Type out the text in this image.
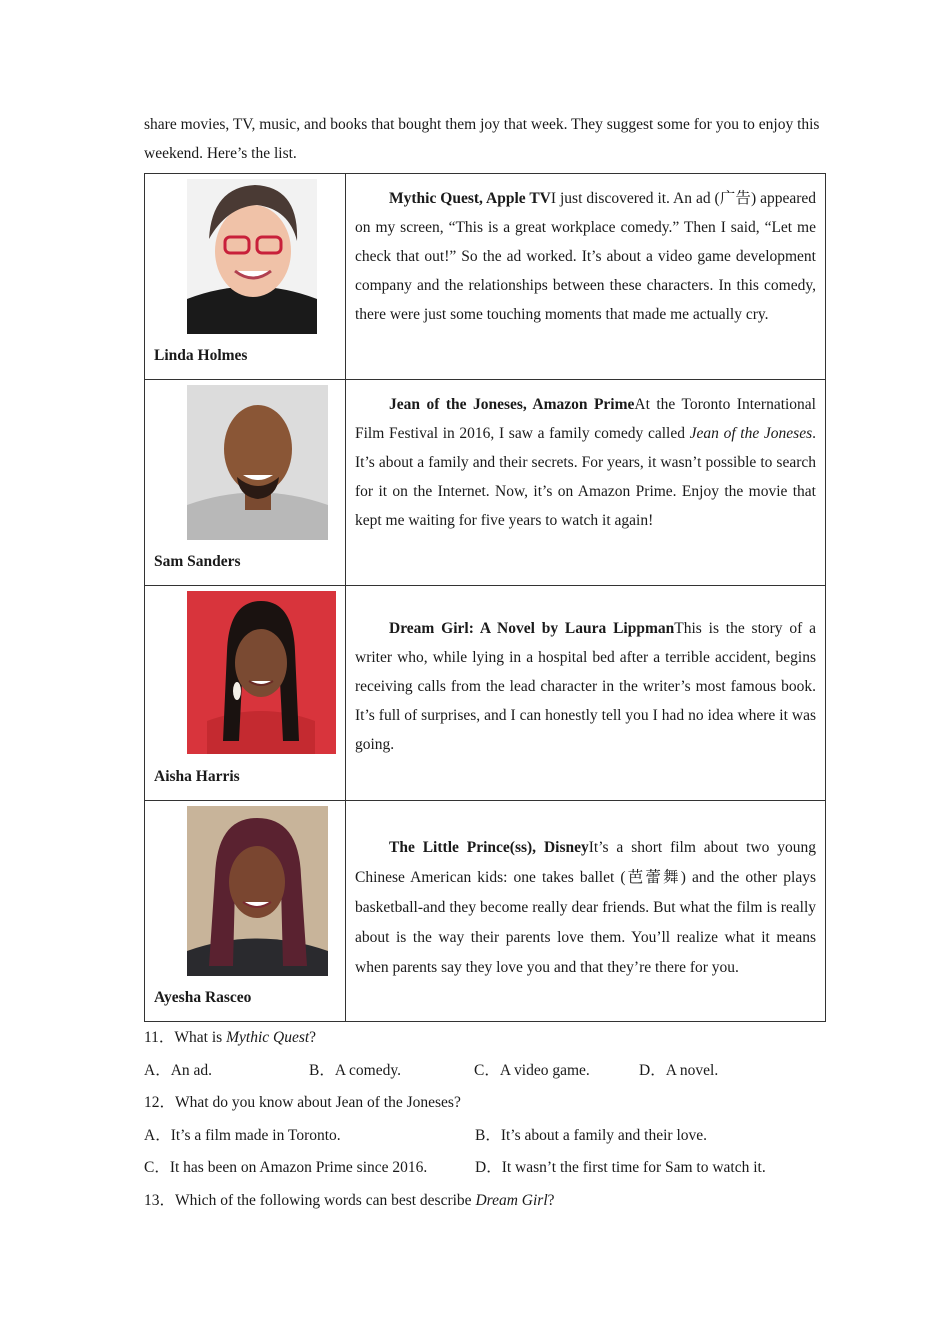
share movies, TV, music, and books that bought them joy that week. They suggest some for you to enjoy this weekend. Here’s the list.

Linda Holmes	Mythic Quest, Apple TVI just discovered it. An ad (广告) appeared on my screen, “This is a great workplace comedy.” Then I said, “Let me check that out!” So the ad worked. It’s about a video game development company and the relationships between these characters. In this comedy, there were just some touching moments that made me actually cry.

Sam Sanders	Jean of the Joneses, Amazon PrimeAt the Toronto International Film Festival in 2016, I saw a family comedy called Jean of the Joneses. It’s about a family and their secrets. For years, it wasn’t possible to search for it on the Internet. Now, it’s on Amazon Prime. Enjoy the movie that kept me waiting for five years to watch it again!

Aisha Harris	Dream Girl: A Novel by Laura LippmanThis is the story of a writer who, while lying in a hospital bed after a terrible accident, begins receiving calls from the lead character in the writer’s most famous book. It’s full of surprises, and I can honestly tell you I had no idea where it was going.

Ayesha Rasceo	The Little Prince(ss), DisneyIt’s a short film about two young Chinese American kids: one takes ballet (芭蕾舞) and the other plays basketball-and they become really dear friends. But what the film is really about is the way their parents love them. You’ll realize what it means when parents say they love you and that they’re there for you.

11．What is Mythic Quest?
A．An ad.	B．A comedy.	C．A video game.	D．A novel.
12．What do you know about Jean of the Joneses?
A．It’s a film made in Toronto.	B．It’s about a family and their love.
C．It has been on Amazon Prime since 2016.	D．It wasn’t the first time for Sam to watch it.
13．Which of the following words can best describe Dream Girl?
